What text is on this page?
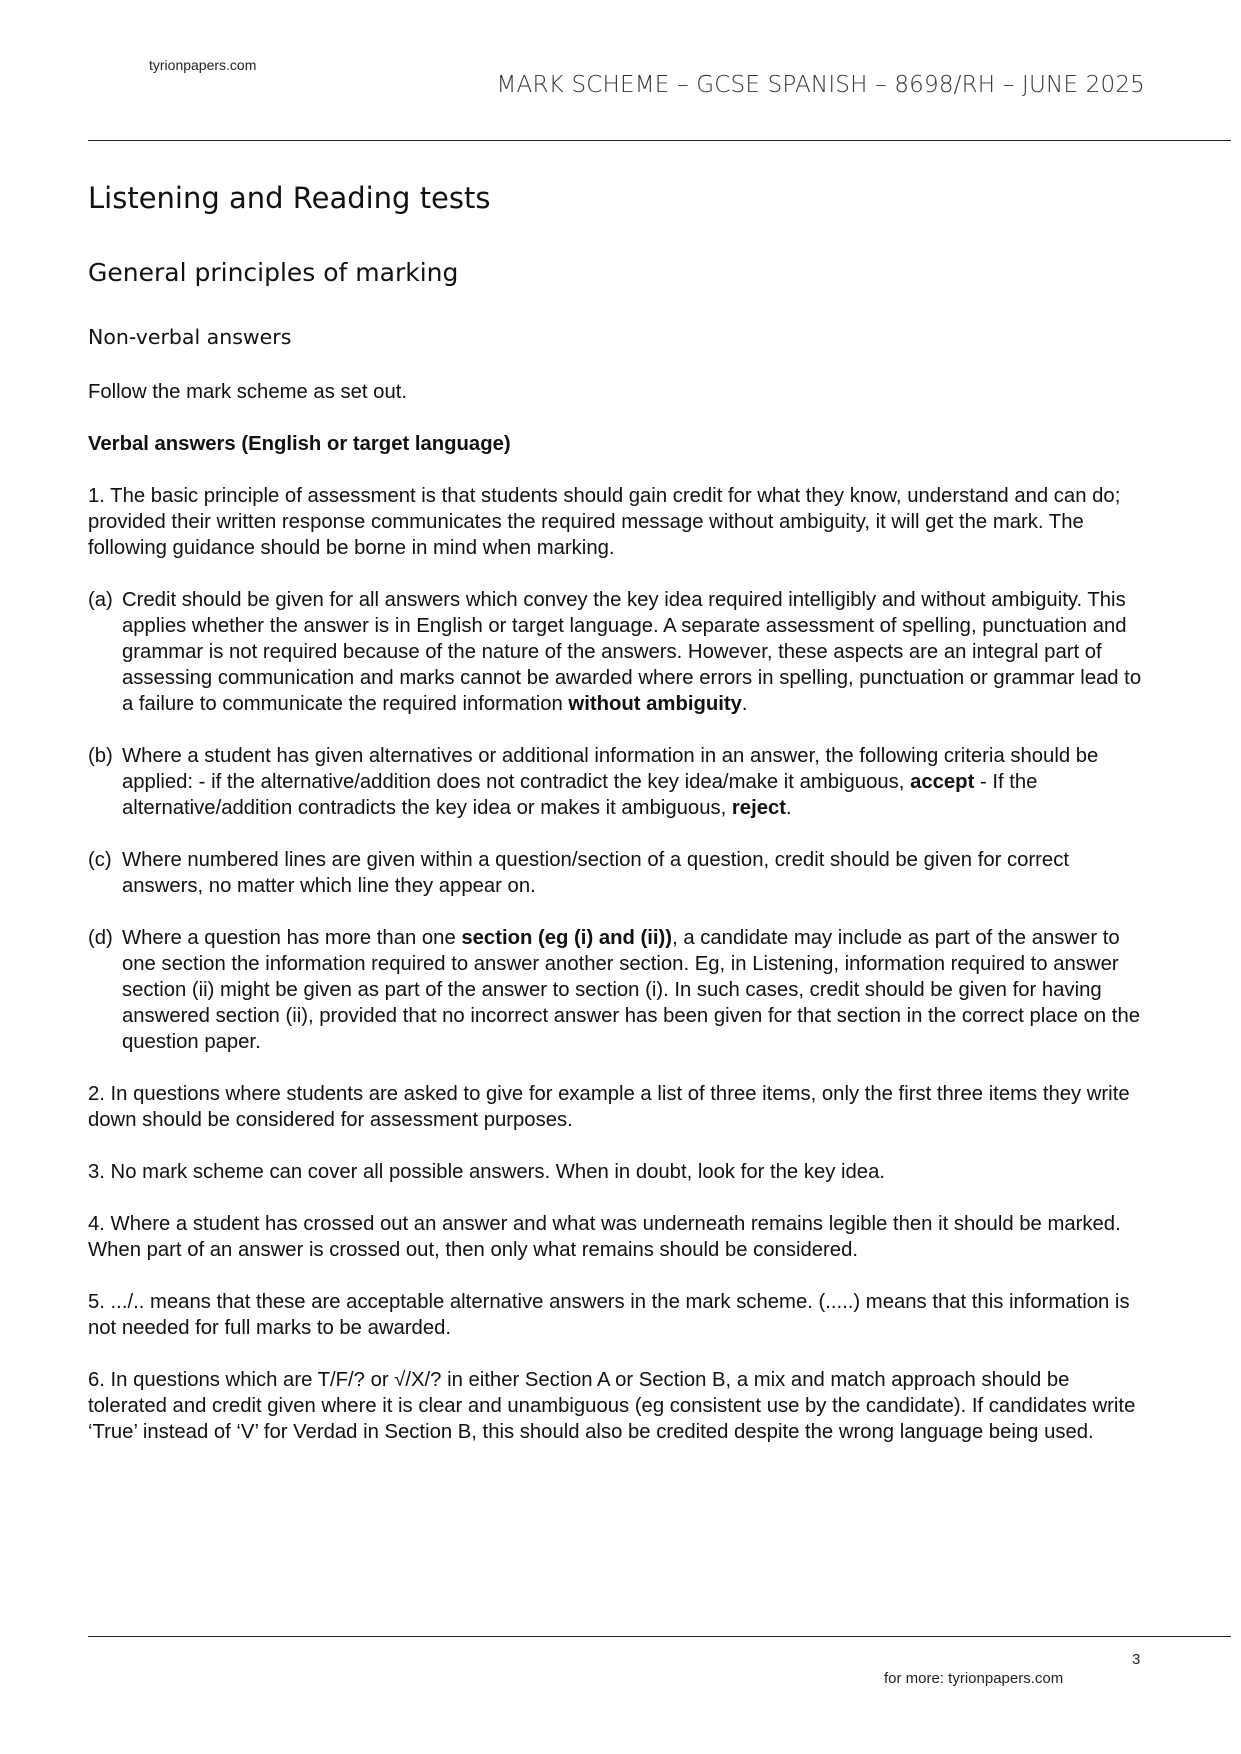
tyrionpapers.com
MARK SCHEME – GCSE SPANISH – 8698/RH – JUNE 2025
Listening and Reading tests
General principles of marking
Non-verbal answers

Follow the mark scheme as set out.

Verbal answers (English or target language)

1. The basic principle of assessment is that students should gain credit for what they know, understand and can do; provided their written response communicates the required message without ambiguity, it will get the mark. The following guidance should be borne in mind when marking.

(a) Credit should be given for all answers which convey the key idea required intelligibly and without ambiguity. This applies whether the answer is in English or target language. A separate assessment of spelling, punctuation and grammar is not required because of the nature of the answers. However, these aspects are an integral part of assessing communication and marks cannot be awarded where errors in spelling, punctuation or grammar lead to a failure to communicate the required information without ambiguity.
(b) Where a student has given alternatives or additional information in an answer, the following criteria should be applied: - if the alternative/addition does not contradict the key idea/make it ambiguous, accept - If the alternative/addition contradicts the key idea or makes it ambiguous, reject.
(c) Where numbered lines are given within a question/section of a question, credit should be given for correct answers, no matter which line they appear on.
(d) Where a question has more than one section (eg (i) and (ii)), a candidate may include as part of the answer to one section the information required to answer another section. Eg, in Listening, information required to answer section (ii) might be given as part of the answer to section (i). In such cases, credit should be given for having answered section (ii), provided that no incorrect answer has been given for that section in the correct place on the question paper.

2. In questions where students are asked to give for example a list of three items, only the first three items they write down should be considered for assessment purposes.

3. No mark scheme can cover all possible answers. When in doubt, look for the key idea.

4. Where a student has crossed out an answer and what was underneath remains legible then it should be marked. When part of an answer is crossed out, then only what remains should be considered.

5. .../.. means that these are acceptable alternative answers in the mark scheme. (.....) means that this information is not needed for full marks to be awarded.

6. In questions which are T/F/? or √/X/? in either Section A or Section B, a mix and match approach should be tolerated and credit given where it is clear and unambiguous (eg consistent use by the candidate). If candidates write ‘True’ instead of ‘V’ for Verdad in Section B, this should also be credited despite the wrong language being used.

3
for more: tyrionpapers.com
